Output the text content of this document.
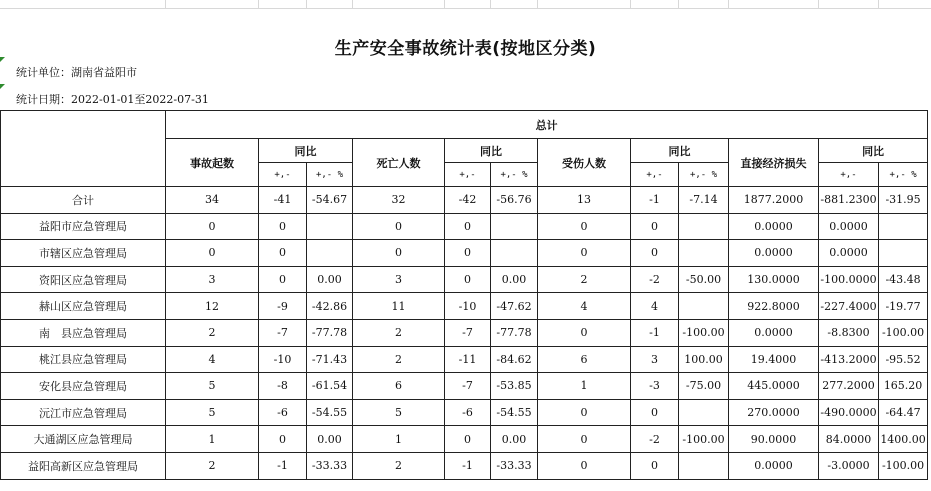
生产安全事故统计表(按地区分类)
统计单位：湖南省益阳市
统计日期：2022-01-01至2022-07-31
	总计											
	事故起数	同比		死亡人数	同比		受伤人数	同比		直接经济损失	同比	
		+,-	+,- %		+,-	+,- %		+,-	+,- %		+,-	+,- %
合计	34	-41	-54.67	32	-42	-56.76	13	-1	-7.14	1877.2000	-881.2300	-31.95
益阳市应急管理局	0	0		0	0		0	0		0.0000	0.0000	
市辖区应急管理局	0	0		0	0		0	0		0.0000	0.0000	
资阳区应急管理局	3	0	0.00	3	0	0.00	2	-2	-50.00	130.0000	-100.0000	-43.48
赫山区应急管理局	12	-9	-42.86	11	-10	-47.62	4	4		922.8000	-227.4000	-19.77
南　县应急管理局	2	-7	-77.78	2	-7	-77.78	0	-1	-100.00	0.0000	-8.8300	-100.00
桃江县应急管理局	4	-10	-71.43	2	-11	-84.62	6	3	100.00	19.4000	-413.2000	-95.52
安化县应急管理局	5	-8	-61.54	6	-7	-53.85	1	-3	-75.00	445.0000	277.2000	165.20
沅江市应急管理局	5	-6	-54.55	5	-6	-54.55	0	0		270.0000	-490.0000	-64.47
大通湖区应急管理局	1	0	0.00	1	0	0.00	0	-2	-100.00	90.0000	84.0000	1400.00
益阳高新区应急管理局	2	-1	-33.33	2	-1	-33.33	0	0		0.0000	-3.0000	-100.00
